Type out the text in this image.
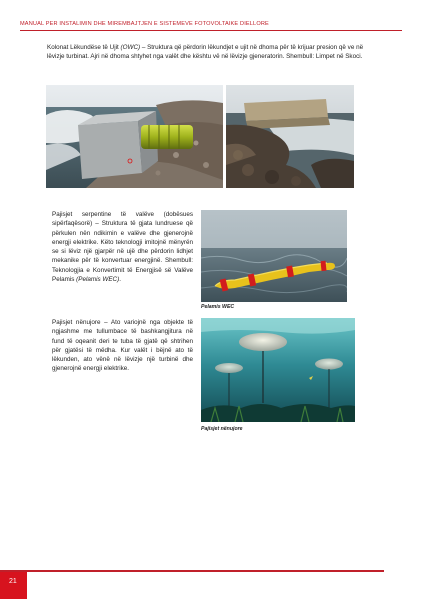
MANUAL PËR INSTALIMIN DHE MIRËMBAJTJEN E SISTEMEVE FOTOVOLTAIKE DIELLORE

Kolonat Lëkundëse të Ujit (OWC) – Struktura që përdorin lëkundjet e ujit në dhoma për të krijuar presion që ve në lëvizje turbinat. Ajri në dhoma shtyhet nga valët dhe kështu vë në lëvizje gjeneratorin. Shembull: Limpet në Skoci.

Pajisjet serpentine të valëve (dobësues sipërfaqësorë) – Struktura të gjata lundruese që përkulen nën ndikimin e valëve dhe gjenerojnë energji elektrike. Këto teknologji imitojnë mënyrën se si lëviz një gjarpër në ujë dhe përdorin lidhjet mekanike për të konvertuar energjinë. Shembull: Teknologjia e Konvertimit të Energjisë së Valëve Pelamis (Pelamis WEC).

Pelamis WEC

Pajisjet nënujore – Ato variojnë nga objekte të ngjashme me tullumbace të bashkangjitura në fund të oqeanit deri te tuba të gjatë që shtrihen për gjatësi të mëdha. Kur valët i bëjnë ato të lëkunden, ato vënë në lëvizje një turbinë dhe gjenerojnë energji elektrike.

Pajisjet nënujore
21
